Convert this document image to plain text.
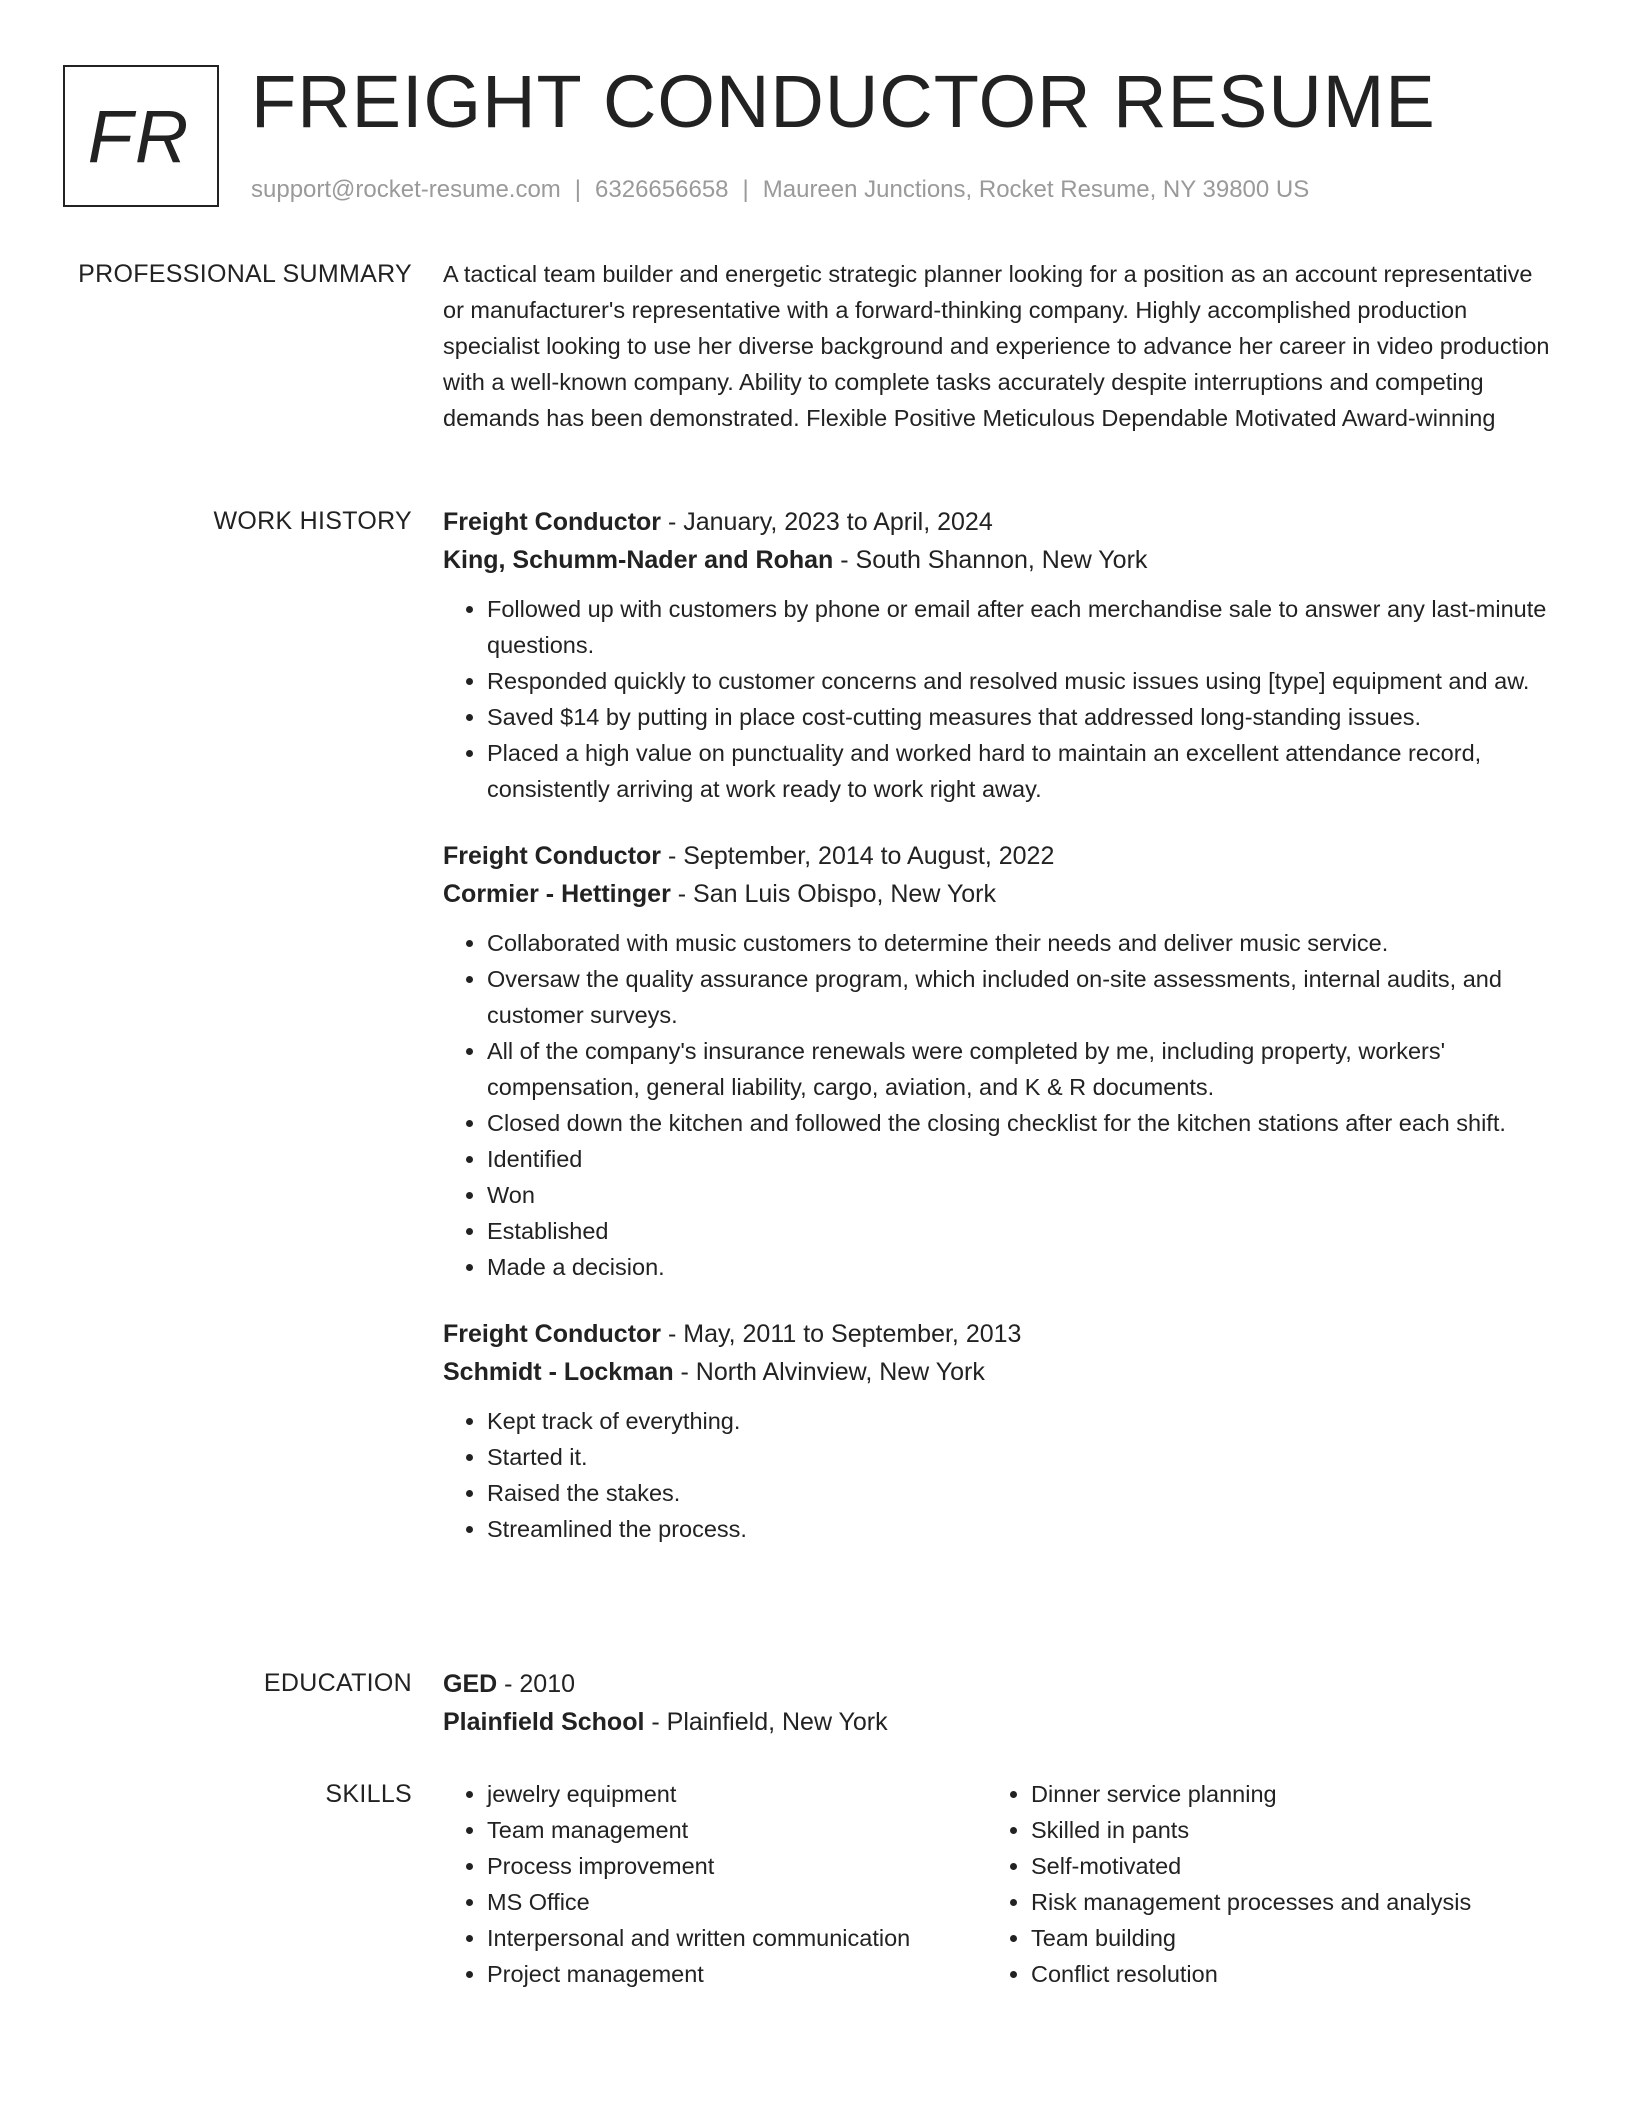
FR FREIGHT CONDUCTOR RESUME
support@rocket-resume.com | 6326656658 | Maureen Junctions, Rocket Resume, NY 39800 US
PROFESSIONAL SUMMARY A tactical team builder and energetic strategic planner looking for a position as an account representative or manufacturer's representative with a forward-thinking company. Highly accomplished production specialist looking to use her diverse background and experience to advance her career in video production with a well-known company. Ability to complete tasks accurately despite interruptions and competing demands has been demonstrated. Flexible Positive Meticulous Dependable Motivated Award-winning

WORK HISTORY Freight Conductor - January, 2023 to April, 2024
King, Schumm-Nader and Rohan - South Shannon, New York
• Followed up with customers by phone or email after each merchandise sale to answer any last-minute questions.
• Responded quickly to customer concerns and resolved music issues using [type] equipment and aw.
• Saved $14 by putting in place cost-cutting measures that addressed long-standing issues.
• Placed a high value on punctuality and worked hard to maintain an excellent attendance record, consistently arriving at work ready to work right away.
Freight Conductor - September, 2014 to August, 2022
Cormier - Hettinger - San Luis Obispo, New York
• Collaborated with music customers to determine their needs and deliver music service.
• Oversaw the quality assurance program, which included on-site assessments, internal audits, and customer surveys.
• All of the company's insurance renewals were completed by me, including property, workers' compensation, general liability, cargo, aviation, and K & R documents.
• Closed down the kitchen and followed the closing checklist for the kitchen stations after each shift.
• Identified
• Won
• Established
• Made a decision.
Freight Conductor - May, 2011 to September, 2013
Schmidt - Lockman - North Alvinview, New York
• Kept track of everything.
• Started it.
• Raised the stakes.
• Streamlined the process.
EDUCATION GED - 2010
Plainfield School - Plainfield, New York
SKILLS
•	jewelry equipment
• Team management
• Process improvement
• MS Office
• Interpersonal and written communication
• Project management
• Dinner service planning
• Skilled in pants
• Self-motivated
• Risk management processes and analysis
• Team building
• Conflict resolution
